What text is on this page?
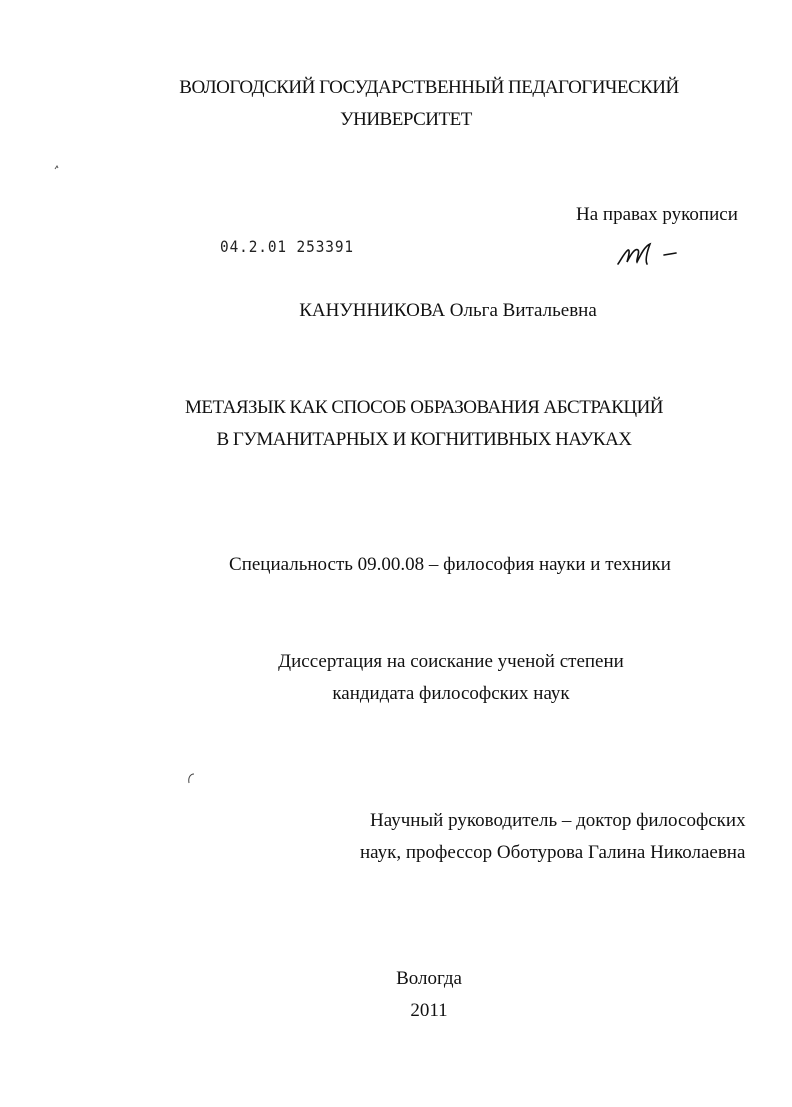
ВОЛОГОДСКИЙ ГОСУДАРСТВЕННЫЙ ПЕДАГОГИЧЕСКИЙ
УНИВЕРСИТЕТ
04.2.01 253391
На правах рукописи
КАНУННИКОВА Ольга Витальевна
МЕТАЯЗЫК КАК СПОСОБ ОБРАЗОВАНИЯ АБСТРАКЦИЙ
В ГУМАНИТАРНЫХ И КОГНИТИВНЫХ НАУКАХ
Специальность 09.00.08 – философия науки и техники
Диссертация на соискание ученой степени
кандидата философских наук
Научный руководитель – доктор философских
наук, профессор Оботурова Галина Николаевна
Вологда
2011
